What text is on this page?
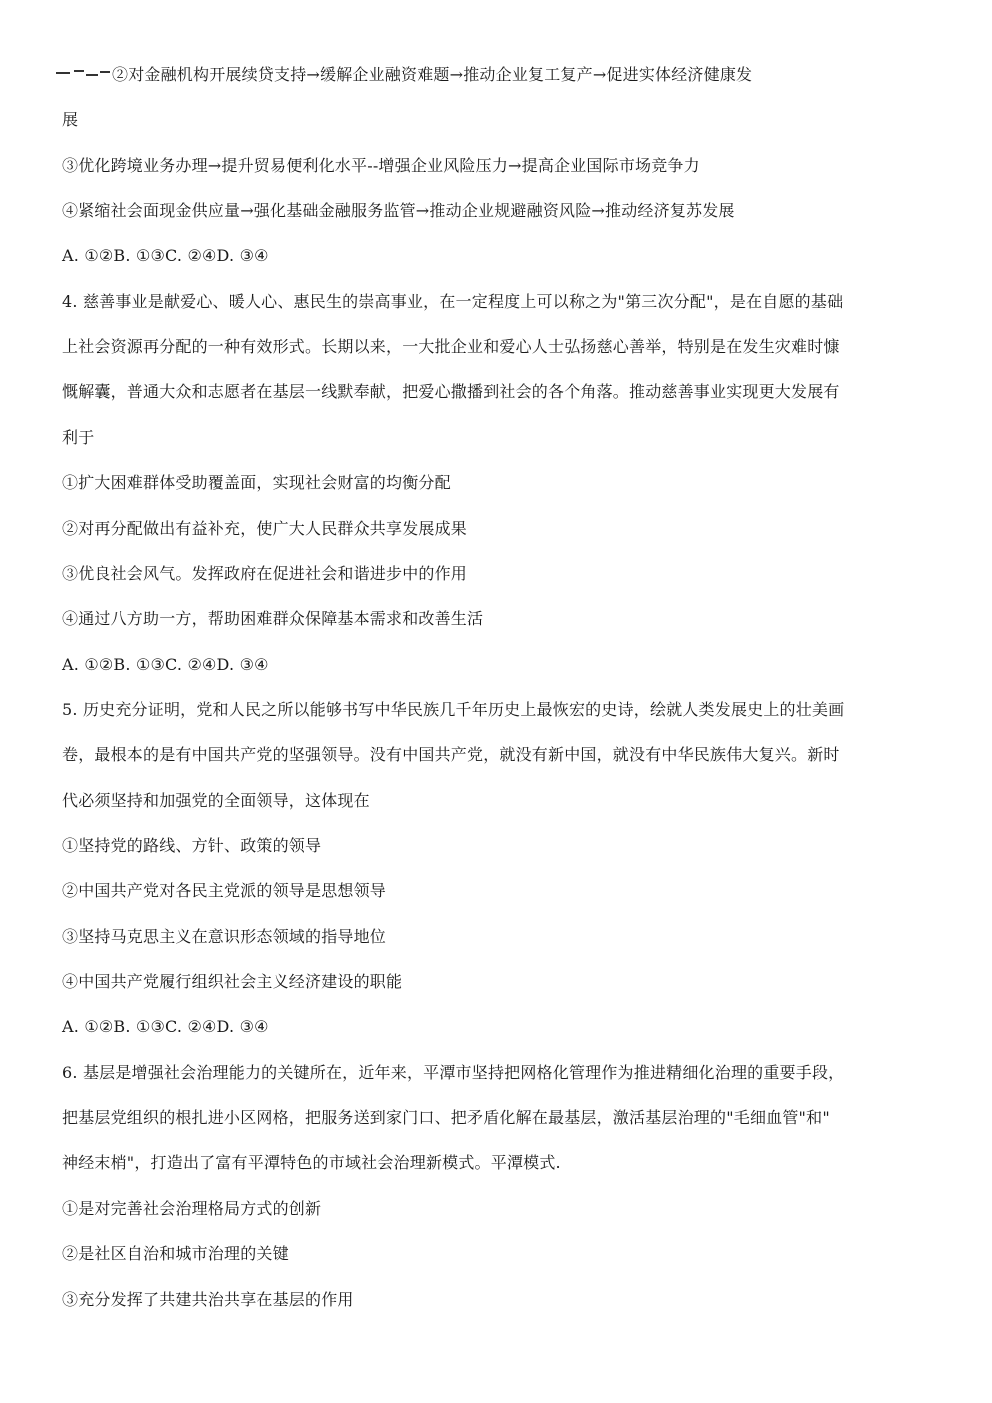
②对金融机构开展续贷支持→缓解企业融资难题→推动企业复工复产→促进实体经济健康发
展
③优化跨境业务办理→提升贸易便利化水平--增强企业风险压力→提高企业国际市场竞争力
④紧缩社会面现金供应量→强化基础金融服务监管→推动企业规避融资风险→推动经济复苏发展
A. ①②B. ①③C. ②④D. ③④
4. 慈善事业是献爱心、暖人心、惠民生的崇高事业，在一定程度上可以称之为"第三次分配"，是在自愿的基础
上社会资源再分配的一种有效形式。长期以来，一大批企业和爱心人士弘扬慈心善举，特别是在发生灾难时慷
慨解囊，普通大众和志愿者在基层一线默奉献，把爱心撒播到社会的各个角落。推动慈善事业实现更大发展有
利于
①扩大困难群体受助覆盖面，实现社会财富的均衡分配
②对再分配做出有益补充，使广大人民群众共享发展成果
③优良社会风气。发挥政府在促进社会和谐进步中的作用
④通过八方助一方，帮助困难群众保障基本需求和改善生活
A. ①②B. ①③C. ②④D. ③④
5. 历史充分证明，党和人民之所以能够书写中华民族几千年历史上最恢宏的史诗，绘就人类发展史上的壮美画
卷，最根本的是有中国共产党的坚强领导。没有中国共产党，就没有新中国，就没有中华民族伟大复兴。新时
代必须坚持和加强党的全面领导，这体现在
①坚持党的路线、方针、政策的领导
②中国共产党对各民主党派的领导是思想领导
③坚持马克思主义在意识形态领域的指导地位
④中国共产党履行组织社会主义经济建设的职能
A. ①②B. ①③C. ②④D. ③④
6. 基层是增强社会治理能力的关键所在，近年来，平潭市坚持把网格化管理作为推进精细化治理的重要手段，
把基层党组织的根扎进小区网格，把服务送到家门口、把矛盾化解在最基层，激活基层治理的"毛细血管"和"
神经末梢"，打造出了富有平潭特色的市域社会治理新模式。平潭模式.
①是对完善社会治理格局方式的创新
②是社区自治和城市治理的关键
③充分发挥了共建共治共享在基层的作用
